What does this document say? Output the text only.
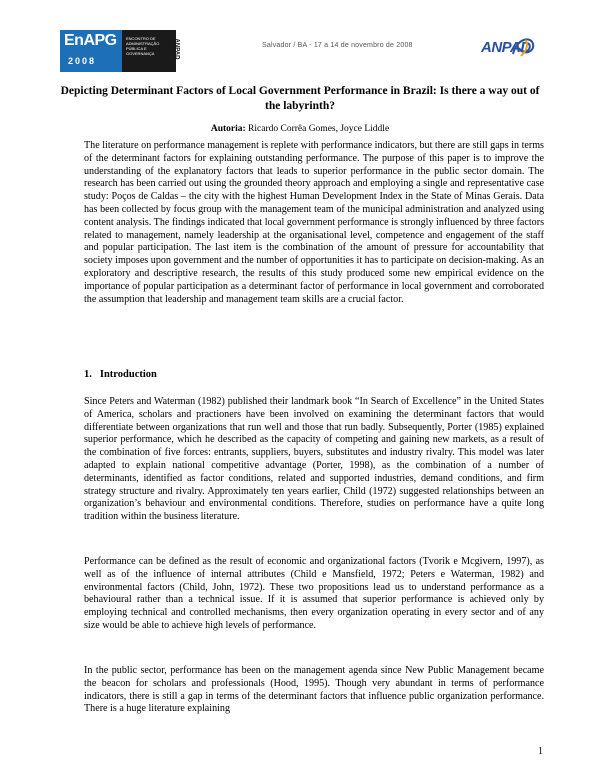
EnAPG
2008
ENCONTRO DE ADMINISTRAÇÃO PÚBLICA E GOVERNANÇA	ANPAD	Salvador / BA - 17 a 14 de novembro de 2008	ANPAD
Depicting Determinant Factors of Local Government Performance in Brazil: Is there a way out of the labyrinth?
Autoria: Ricardo Corrêa Gomes, Joyce Liddle

The literature on performance management is replete with performance indicators, but there are still gaps in terms of the determinant factors for explaining outstanding performance. The purpose of this paper is to improve the understanding of the explanatory factors that leads to superior performance in the public sector domain. The research has been carried out using the grounded theory approach and employing a single and representative case study: Poços de Caldas – the city with the highest Human Development Index in the State of Minas Gerais. Data has been collected by focus group with the management team of the municipal administration and analyzed using content analysis. The findings indicated that local government performance is strongly influenced by three factors related to management, namely leadership at the organisational level, competence and engagement of the staff and popular participation. The last item is the combination of the amount of pressure for accountability that society imposes upon government and the number of opportunities it has to participate on decision-making. As an exploratory and descriptive research, the results of this study produced some new empirical evidence on the importance of popular participation as a determinant factor of performance in local government and corroborated the assumption that leadership and management team skills are a crucial factor.

1. Introduction

Since Peters and Waterman (1982) published their landmark book “In Search of Excellence” in the United States of America, scholars and practioners have been involved on examining the determinant factors that would differentiate between organizations that run well and those that run badly. Subsequently, Porter (1985) explained superior performance, which he described as the capacity of competing and gaining new markets, as a result of the combination of five forces: entrants, suppliers, buyers, substitutes and industry rivalry. This model was later adapted to explain national competitive advantage (Porter, 1998), as the combination of a number of determinants, identified as factor conditions, related and supported industries, demand conditions, and firm strategy structure and rivalry. Approximately ten years earlier, Child (1972) suggested relationships between an organization’s behaviour and environmental conditions. Therefore, studies on performance have a quite long tradition within the business literature.

Performance can be defined as the result of economic and organizational factors (Tvorik e Mcgivern, 1997), as well as of the influence of internal attributes (Child e Mansfield, 1972; Peters e Waterman, 1982) and environmental factors (Child, John, 1972). These two propositions lead us to understand performance as a behavioural rather than a technical issue. If it is assumed that superior performance is achieved only by employing technical and controlled mechanisms, then every organization operating in every sector and of any size would be able to achieve high levels of performance.

In the public sector, performance has been on the management agenda since New Public Management became the beacon for scholars and professionals (Hood, 1995). Though very abundant in terms of performance indicators, there is still a gap in terms of the determinant factors that influence public organization performance. There is a huge literature explaining

1
